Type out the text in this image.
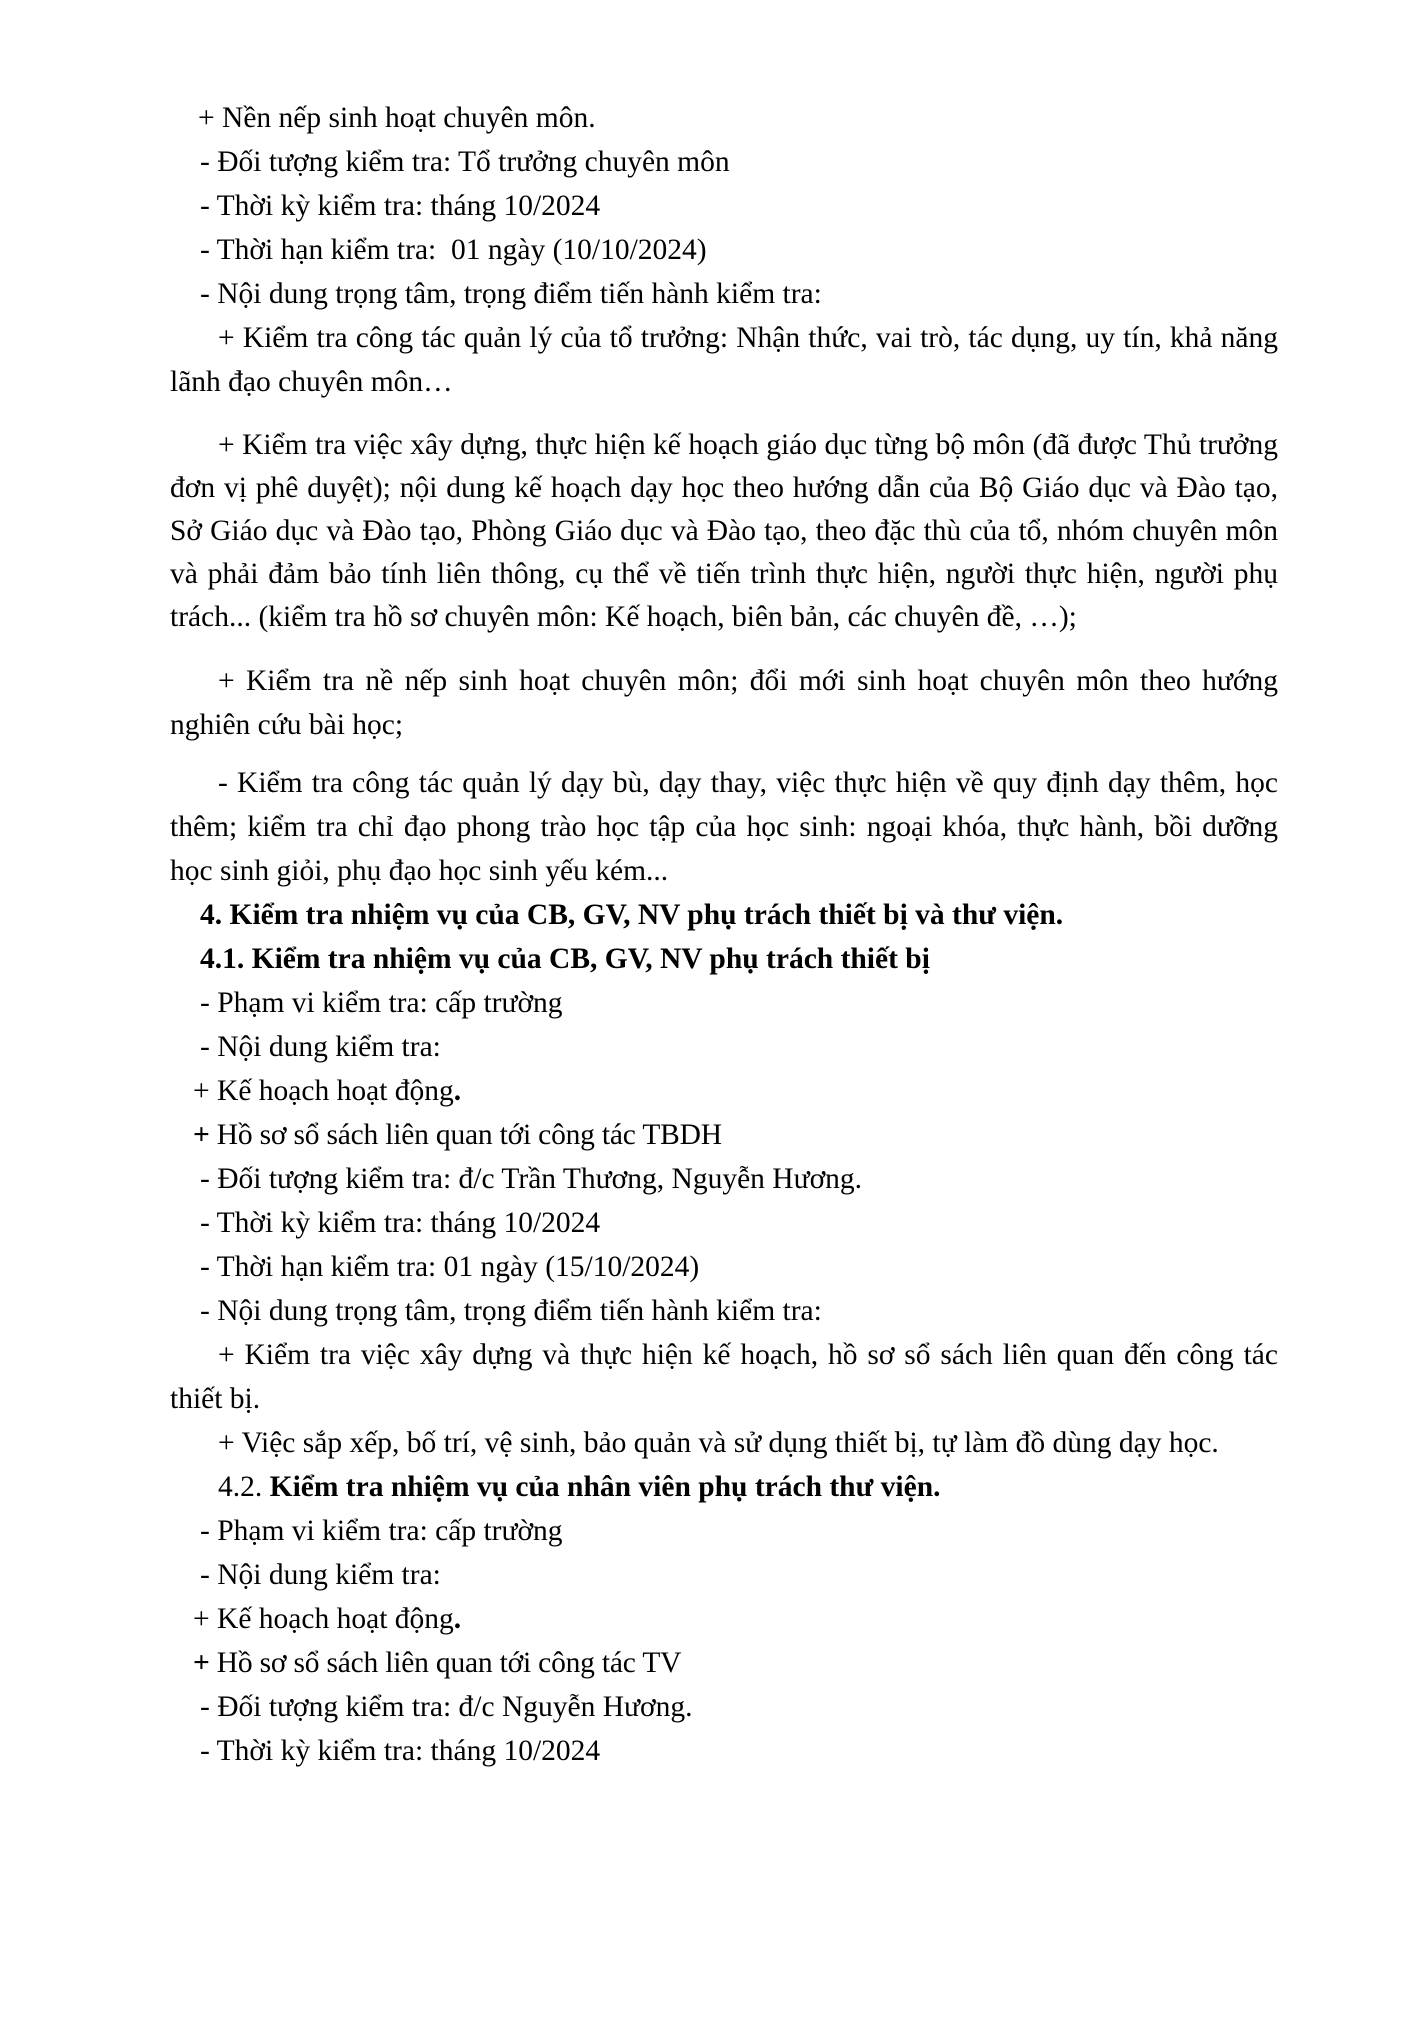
+ Nền nếp sinh hoạt chuyên môn.
- Đối tượng kiểm tra: Tổ trưởng chuyên môn
- Thời kỳ kiểm tra: tháng 10/2024
- Thời hạn kiểm tra:  01 ngày (10/10/2024)
- Nội dung trọng tâm, trọng điểm tiến hành kiểm tra:

+ Kiểm tra công tác quản lý của tổ trưởng: Nhận thức, vai trò, tác dụng, uy tín, khả năng lãnh đạo chuyên môn…

+ Kiểm tra việc xây dựng, thực hiện kế hoạch giáo dục từng bộ môn (đã được Thủ trưởng đơn vị phê duyệt); nội dung kế hoạch dạy học theo hướng dẫn của Bộ Giáo dục và Đào tạo, Sở Giáo dục và Đào tạo, Phòng Giáo dục và Đào tạo, theo đặc thù của tổ, nhóm chuyên môn và phải đảm bảo tính liên thông, cụ thể về tiến trình thực hiện, người thực hiện, người phụ trách... (kiểm tra hồ sơ chuyên môn: Kế hoạch, biên bản, các chuyên đề, …);

+ Kiểm tra nề nếp sinh hoạt chuyên môn; đổi mới sinh hoạt chuyên môn theo hướng nghiên cứu bài học;

- Kiểm tra công tác quản lý dạy bù, dạy thay, việc thực hiện về quy định dạy thêm, học thêm; kiểm tra chỉ đạo phong trào học tập của học sinh: ngoại khóa, thực hành, bồi dưỡng học sinh giỏi, phụ đạo học sinh yếu kém...

4. Kiểm tra nhiệm vụ của CB, GV, NV phụ trách thiết bị và thư viện.
4.1. Kiểm tra nhiệm vụ của CB, GV, NV phụ trách thiết bị
- Phạm vi kiểm tra: cấp trường
- Nội dung kiểm tra:
+ Kế hoạch hoạt động.
+ Hồ sơ sổ sách liên quan tới công tác TBDH
- Đối tượng kiểm tra: đ/c Trần Thương, Nguyễn Hương.
- Thời kỳ kiểm tra: tháng 10/2024
- Thời hạn kiểm tra: 01 ngày (15/10/2024)
- Nội dung trọng tâm, trọng điểm tiến hành kiểm tra:

+ Kiểm tra việc xây dựng và thực hiện kế hoạch, hồ sơ sổ sách liên quan đến công tác thiết bị.

+ Việc sắp xếp, bố trí, vệ sinh, bảo quản và sử dụng thiết bị, tự làm đồ dùng dạy học.

4.2. Kiểm tra nhiệm vụ của nhân viên phụ trách thư viện.
- Phạm vi kiểm tra: cấp trường
- Nội dung kiểm tra:
+ Kế hoạch hoạt động.
+ Hồ sơ sổ sách liên quan tới công tác TV
- Đối tượng kiểm tra: đ/c Nguyễn Hương.
- Thời kỳ kiểm tra: tháng 10/2024
